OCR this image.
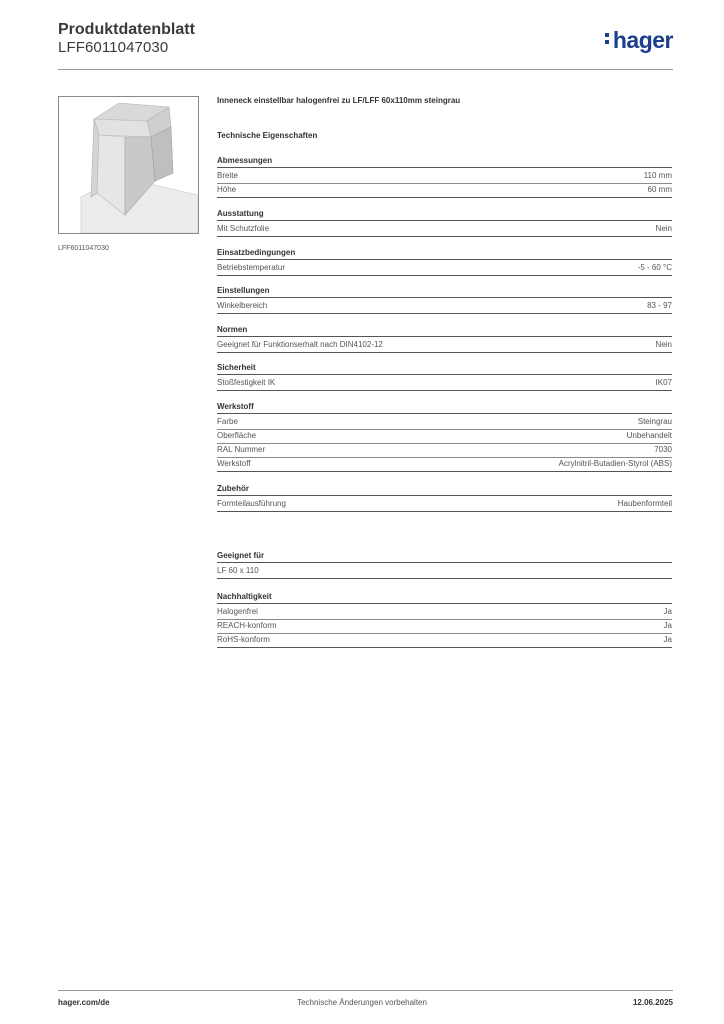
Produktdatenblatt
LFF6011047030	hager
LFF6011047030
Inneneck einstellbar halogenfrei zu LF/LFF 60x110mm steingrau
Technische Eigenschaften
Abmessungen
Breite	110 mm
Höhe	60 mm
Ausstattung
Mit Schutzfolie	Nein
Einsatzbedingungen
Betriebstemperatur	-5 - 60 °C
Einstellungen
Winkelbereich	83 - 97
Normen
Geeignet für Funktionserhalt nach DIN4102-12	Nein
Sicherheit
Stoßfestigkeit IK	IK07
Werkstoff
Farbe	Steingrau
Oberfläche	Unbehandelt
RAL Nummer	7030
Werkstoff	Acrylnitril-Butadien-Styrol (ABS)
Zubehör
Formteilausführung	Haubenformteil
Geeignet für
LF 60 x 110
Nachhaltigkeit
Halogenfrei	Ja
REACH-konform	Ja
RoHS-konform	Ja
hager.com/de	Technische Änderungen vorbehalten	12.06.2025
